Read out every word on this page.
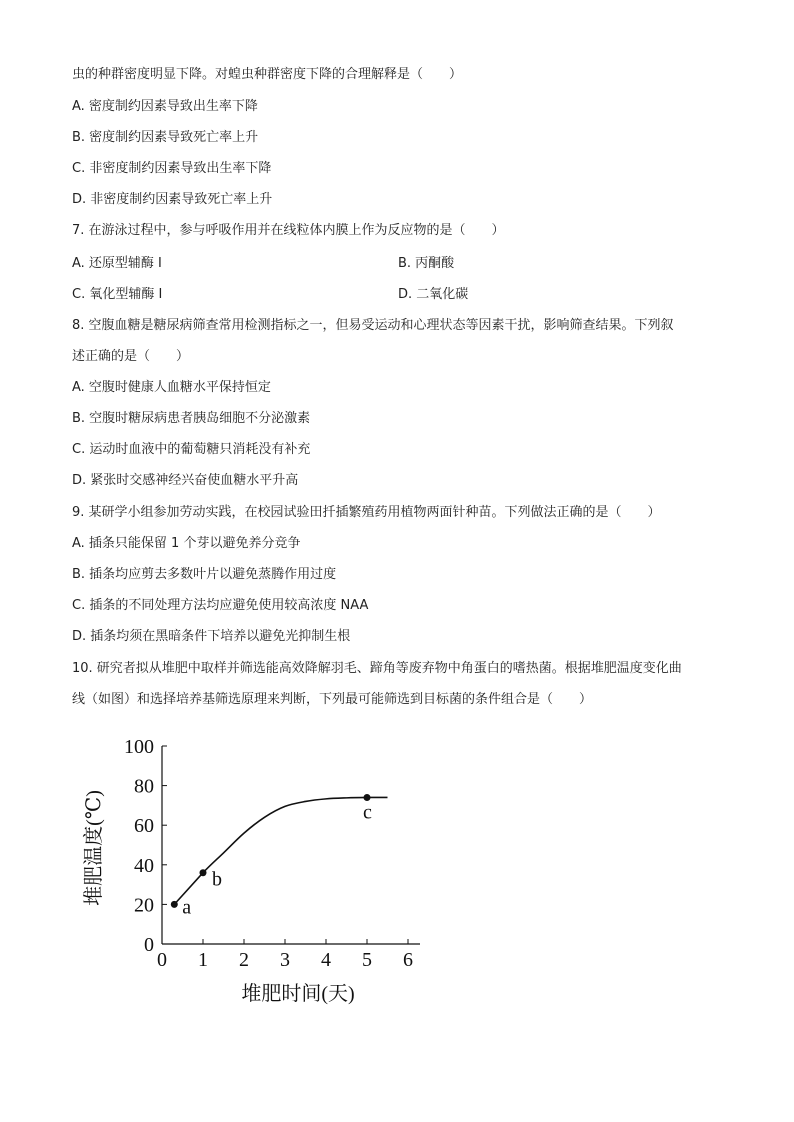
虫的种群密度明显下降。对蝗虫种群密度下降的合理解释是（　　）
A. 密度制约因素导致出生率下降
B. 密度制约因素导致死亡率上升
C. 非密度制约因素导致出生率下降
D. 非密度制约因素导致死亡率上升
7. 在游泳过程中，参与呼吸作用并在线粒体内膜上作为反应物的是（　　）
A. 还原型辅酶 I	B. 丙酮酸
C. 氧化型辅酶 I	D. 二氧化碳
8. 空腹血糖是糖尿病筛查常用检测指标之一，但易受运动和心理状态等因素干扰，影响筛查结果。下列叙
述正确的是（　　）
A. 空腹时健康人血糖水平保持恒定
B. 空腹时糖尿病患者胰岛细胞不分泌激素
C. 运动时血液中的葡萄糖只消耗没有补充
D. 紧张时交感神经兴奋使血糖水平升高
9. 某研学小组参加劳动实践，在校园试验田扦插繁殖药用植物两面针种苗。下列做法正确的是（　　）
A. 插条只能保留 1 个芽以避免养分竞争
B. 插条均应剪去多数叶片以避免蒸腾作用过度
C. 插条的不同处理方法均应避免使用较高浓度 NAA
D. 插条均须在黑暗条件下培养以避免光抑制生根
10. 研究者拟从堆肥中取样并筛选能高效降解羽毛、蹄角等废弃物中角蛋白的嗜热菌。根据堆肥温度变化曲
线（如图）和选择培养基筛选原理来判断，下列最可能筛选到目标菌的条件组合是（　　）
0
20
40
60
80
100
0 1 2 3 4 5 6
a
b
c
堆肥温度(℃)
堆肥时间(天)
